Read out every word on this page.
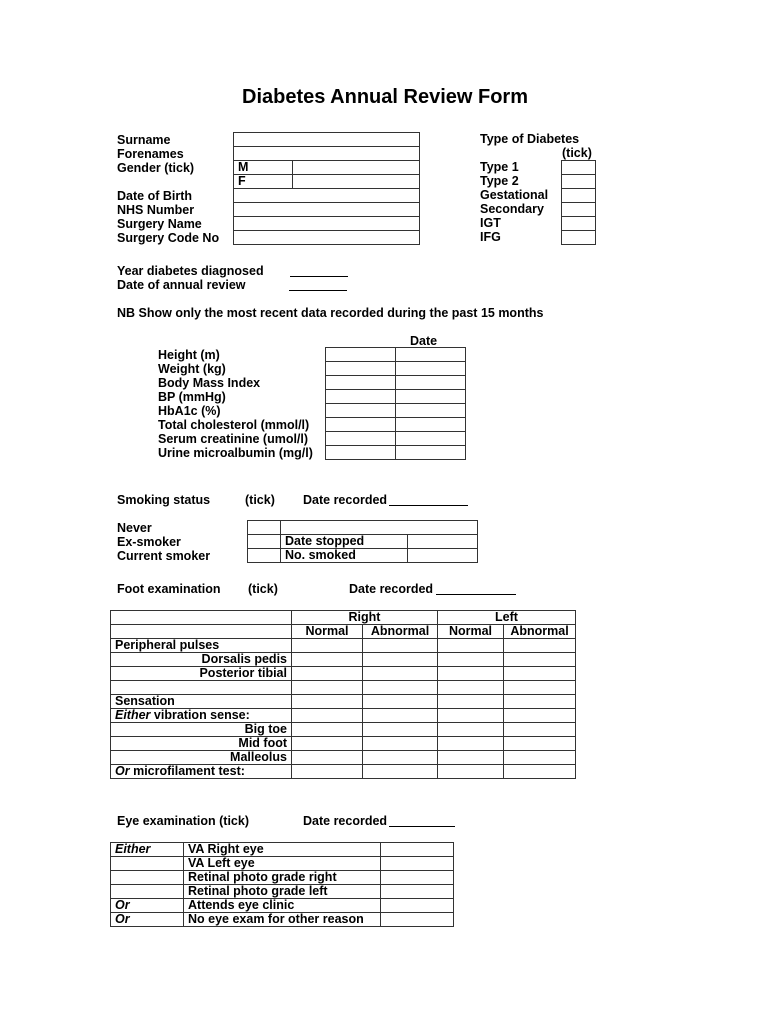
Diabetes Annual Review Form
Surname
Forenames
Gender (tick)
Date of Birth
NHS Number
Surgery Name
Surgery Code No

M	
F	

Type of Diabetes
(tick)
Type 1
Type 2
Gestational
Secondary
IGT
IFG

Year diabetes diagnosed
Date of annual review
NB Show only the most recent data recorded during the past 15 months
Date
Height (m)
Weight (kg)
Body Mass Index
BP (mmHg)
HbA1c (%)
Total cholesterol (mmol/l)
Serum creatinine (umol/l)
Urine microalbumin (mg/l)

Smoking status	(tick) Date recorded
Never
Ex-smoker
Current smoker

	Date stopped	
	No. smoked	
Foot examination (tick)	Date recorded
	Right		Left	
	Normal	Abnormal	Normal	Abnormal
Peripheral pulses				
Dorsalis pedis				
Posterior tibial				

Sensation				
Either vibration sense:				
Big toe				
Mid foot				
Malleolus				
Or microfilament test:				
Eye examination (tick)	Date recorded
Either	VA Right eye	
	VA Left eye	
	Retinal photo grade right	
	Retinal photo grade left	
Or	Attends eye clinic	
Or	No eye exam for other reason	
